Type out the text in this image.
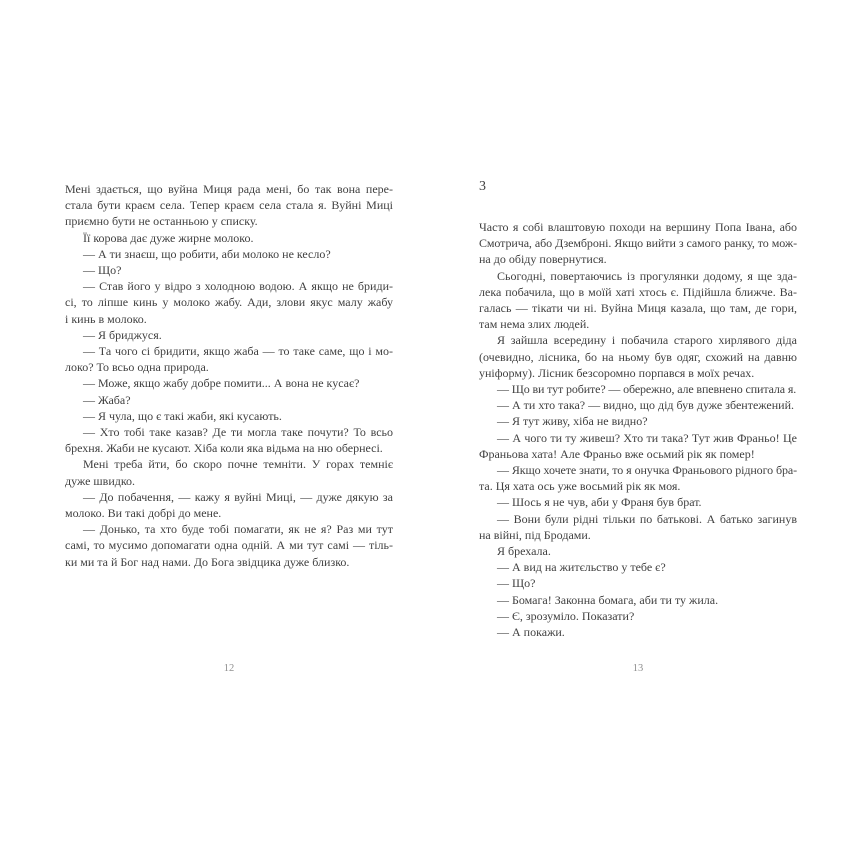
Мені здається, що вуйна Миця рада мені, бо так вона пере-
стала бути краєм села. Тепер краєм села стала я. Вуйні Миці
приємно бути не останньою у списку.
Її корова дає дуже жирне молоко.
— А ти знаєш, що робити, аби молоко не кесло?
— Що?
— Став його у відро з холодною водою. А якщо не бриди-
сі, то ліпше кинь у молоко жабу. Ади, злови якус малу жабу
і кинь в молоко.
— Я бриджуся.
— Та чого сі бридити, якщо жаба — то таке саме, що і мо-
локо? То всьо одна природа.
— Може, якщо жабу добре помити... А вона не кусає?
— Жаба?
— Я чула, що є такі жаби, які кусають.
— Хто тобі таке казав? Де ти могла таке почути? То всьо
брехня. Жаби не кусают. Хіба коли яка відьма на ню обернесі.
Мені треба йти, бо скоро почне темніти. У горах темніє
дуже швидко.
— До побачення, — кажу я вуйні Миці, — дуже дякую за
молоко. Ви такі добрі до мене.
— Донько, та хто буде тобі помагати, як не я? Раз ми тут
самі, то мусимо допомагати одна одній. А ми тут самі — тіль-
ки ми та й Бог над нами. До Бога звідцика дуже близко.
3
Часто я собі влаштовую походи на вершину Попа Івана, або
Смотрича, або Дземброні. Якщо вийти з самого ранку, то мож-
на до обіду повернутися.
Сьогодні, повертаючись із прогулянки додому, я ще зда-
лека побачила, що в моїй хаті хтось є. Підійшла ближче. Ва-
галась — тікати чи ні. Вуйна Миця казала, що там, де гори,
там нема злих людей.
Я зайшла всередину і побачила старого хирлявого діда
(очевидно, лісника, бо на ньому був одяг, схожий на давню
уніформу). Лісник безсоромно порпався в моїх речах.
— Що ви тут робите? — обережно, але впевнено спитала я.
— А ти хто така? — видно, що дід був дуже збентежений.
— Я тут живу, хіба не видно?
— А чого ти ту живеш? Хто ти така? Тут жив Франьо! Це
Франьова хата! Але Франьо вже осьмий рік як помер!
— Якщо хочете знати, то я онучка Франьового рідного бра-
та. Ця хата ось уже восьмий рік як моя.
— Шось я не чув, аби у Франя був брат.
— Вони були рідні тільки по батькові. А батько загинув
на війні, під Бродами.
Я брехала.
— А вид на житєльство у тебе є?
— Що?
— Бомага! Законна бомага, аби ти ту жила.
— Є, зрозуміло. Показати?
— А покажи.
12	13
